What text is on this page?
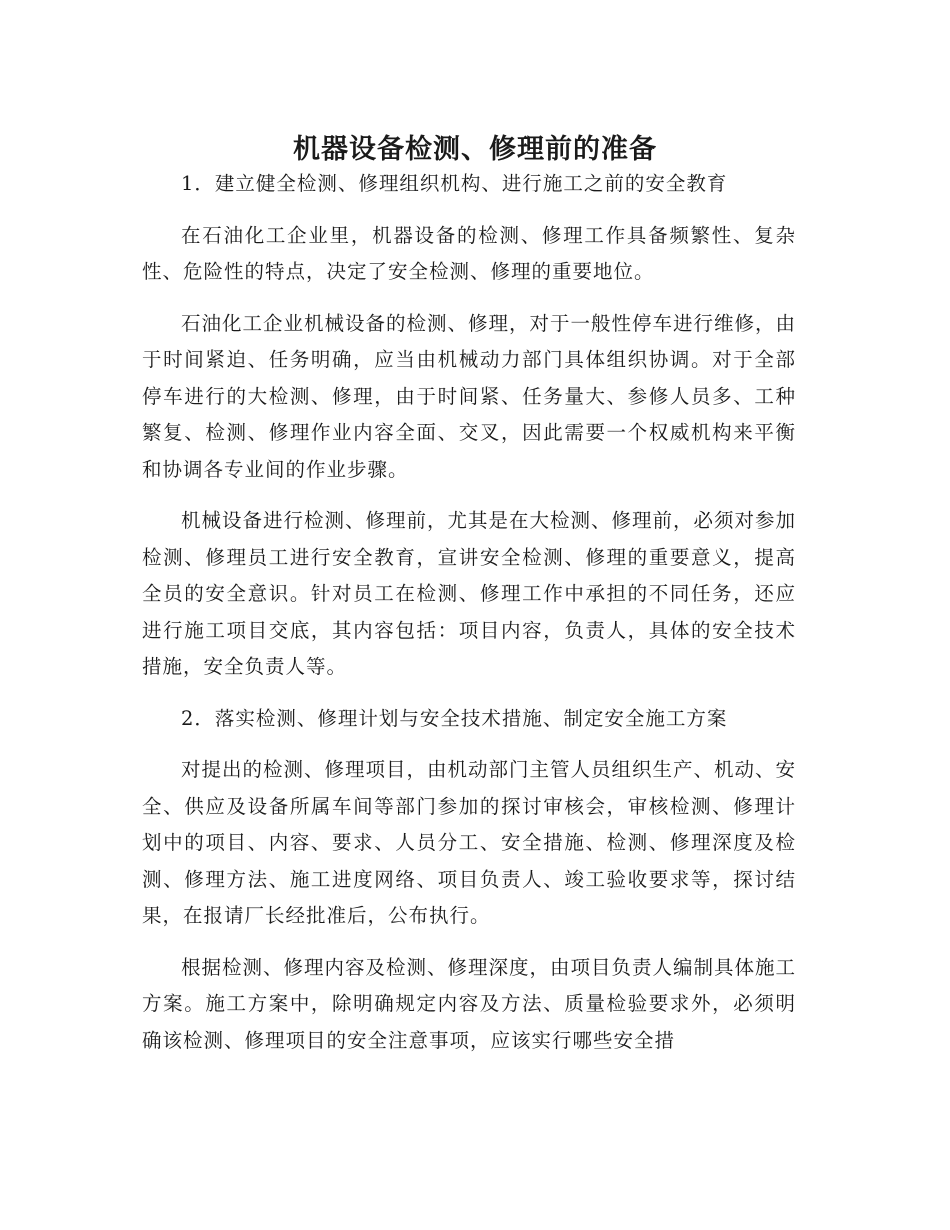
机器设备检测、修理前的准备

1．建立健全检测、修理组织机构、进行施工之前的安全教育

在石油化工企业里，机器设备的检测、修理工作具备频繁性、复杂性、危险性的特点，决定了安全检测、修理的重要地位。

石油化工企业机械设备的检测、修理，对于一般性停车进行维修，由于时间紧迫、任务明确，应当由机械动力部门具体组织协调。对于全部停车进行的大检测、修理，由于时间紧、任务量大、参修人员多、工种繁复、检测、修理作业内容全面、交叉，因此需要一个权威机构来平衡和协调各专业间的作业步骤。

机械设备进行检测、修理前，尤其是在大检测、修理前，必须对参加检测、修理员工进行安全教育，宣讲安全检测、修理的重要意义，提高全员的安全意识。针对员工在检测、修理工作中承担的不同任务，还应进行施工项目交底，其内容包括：项目内容，负责人，具体的安全技术措施，安全负责人等。

2．落实检测、修理计划与安全技术措施、制定安全施工方案

对提出的检测、修理项目，由机动部门主管人员组织生产、机动、安全、供应及设备所属车间等部门参加的探讨审核会，审核检测、修理计划中的项目、内容、要求、人员分工、安全措施、检测、修理深度及检测、修理方法、施工进度网络、项目负责人、竣工验收要求等，探讨结果，在报请厂长经批准后，公布执行。

根据检测、修理内容及检测、修理深度，由项目负责人编制具体施工方案。施工方案中，除明确规定内容及方法、质量检验要求外，必须明确该检测、修理项目的安全注意事项，应该实行哪些安全措
